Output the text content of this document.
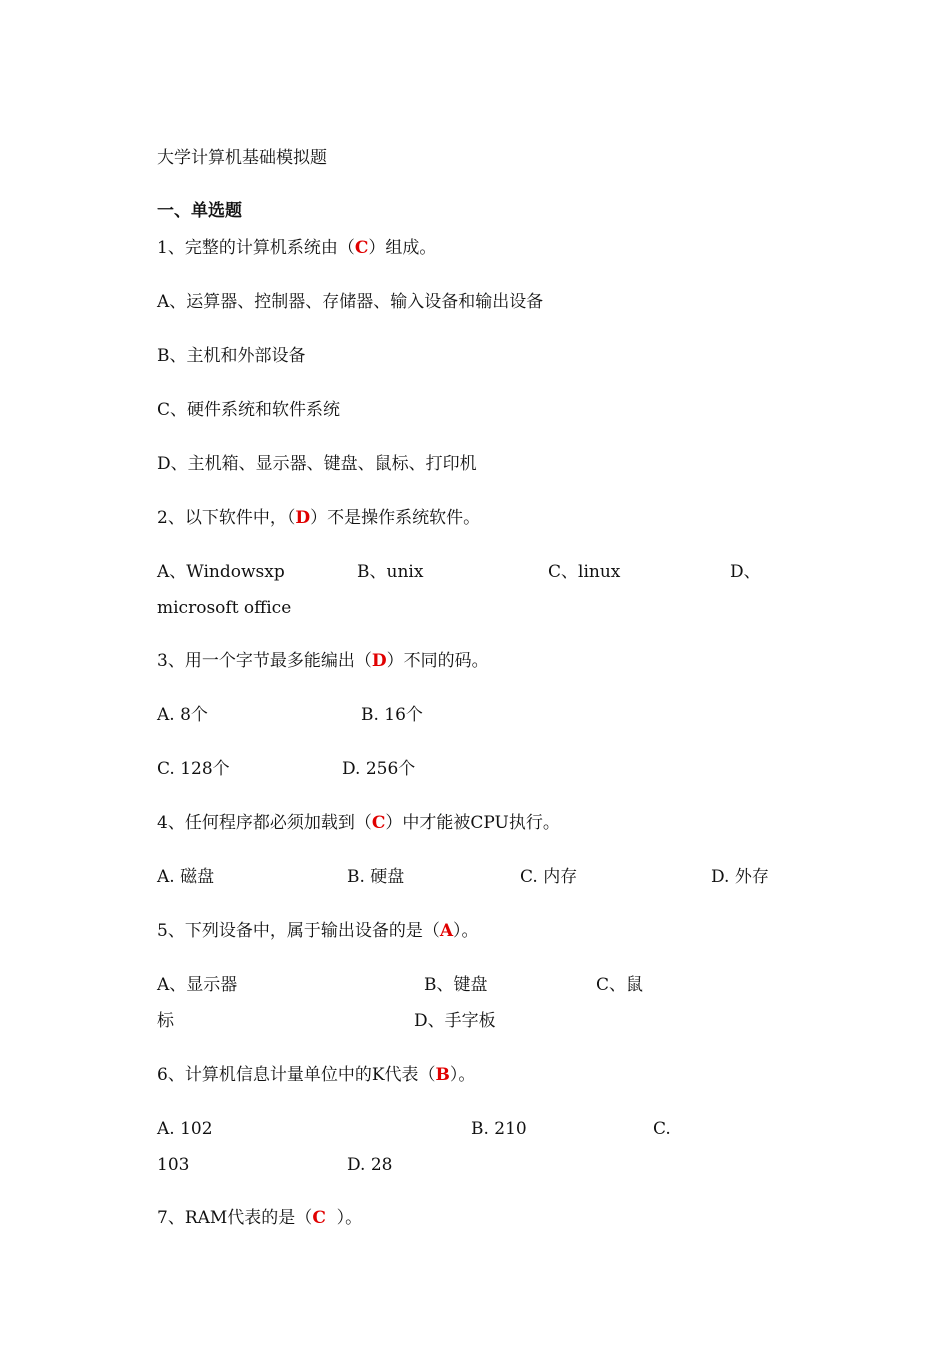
大学计算机基础模拟题
一、单选题
1、完整的计算机系统由（C）组成。
A、运算器、控制器、存储器、输入设备和输出设备
B、主机和外部设备
C、硬件系统和软件系统
D、主机箱、显示器、键盘、鼠标、打印机
2、以下软件中，（D）不是操作系统软件。
A、Windowsxp	B、unix	C、linux	D、
microsoft office
3、用一个字节最多能编出（D）不同的码。
A. 8个	B. 16个
C. 128个	D. 256个
4、任何程序都必须加载到（C）中才能被CPU执行。
A. 磁盘	B. 硬盘	C. 内存	D. 外存
5、下列设备中，属于输出设备的是（A）。
A、显示器	B、键盘	C、鼠
标	D、手字板
6、计算机信息计量单位中的K代表（B）。
A. 102	B. 210	C.
103	D. 28
7、RAM代表的是（C  ）。
